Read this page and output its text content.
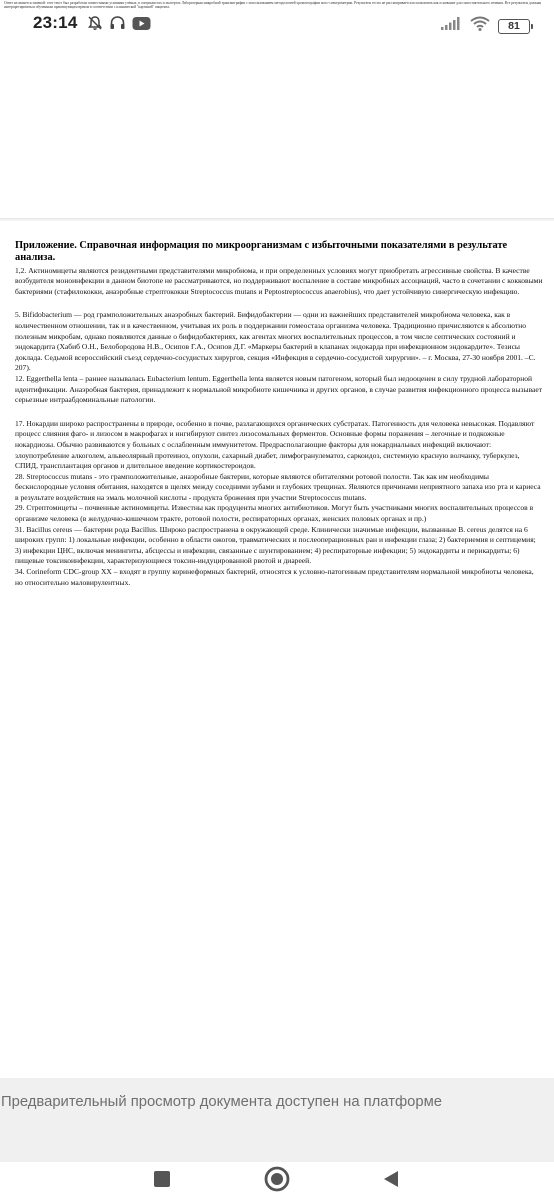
Ответ не является заменой: этот текст был разработан совместными усилиями учёных, в специалистах и экспертах Лабораторная микробной трансмиграфии с использованием методологией хромотографии масс-спектрометрии. Результаты тесты не рассматривается использовать как основание для самостоятельного лечения. Все результаты должны интерпретироваться обученным практикующим врачом в соответствии с клинической "картиной" пациента.
23:14	81
Приложение. Справочная информация по микроорганизмам с избыточными показателями в результате анализа.

1,2. Актиномицеты являются резидентными представителями микробиома, и при определенных условиях могут приобретать агрессивные свойства. В качестве возбудителя моноинфекции в данном биотопе не рассматриваются, но поддерживают воспаление в составе микробных ассоциаций, часто в сочетании с кокковыми бактериями (стафилококки, анаэробные стрептококки Streptococcus mutans и Peptostreptococcus anaerobius), что дает устойчивую синергическую инфекцию.

5. Bifidobacterium — род грамположительных анаэробных бактерий. Бифидобактерии — одни из важнейших представителей микробиома человека, как в количественном отношении, так и в качественном, учитывая их роль в поддержании гомеостаза организма человека. Традиционно причисляются к абсолютно полезным микробам, однако появляются данные о бифидобактериях, как агентах многих воспалительных процессов, в том числе септических состояний и эндокардита (Хабиб О.Н., Белобородова Н.В., Осипов Г.А., Осипов Д.Г. «Маркеры бактерий в клапанах эндокарда при инфекционном эндокардите». Тезисы доклада. Седьмой всероссийский съезд сердечно-сосудистых хирургов, секция «Инфекция в сердечно-сосудистой хирургии». – г. Москва, 27-30 ноября 2001. –С. 207).

12. Eggerthella lenta – раннее называлась Eubacterium lentum. Eggerthella lenta является новым патогеном, который был недооценен в силу трудной лабораторной идентификации. Анаэробная бактерия, принадлежит к нормальной микробиоте кишечника и других органов, в случае развития инфекционного процесса вызывает серьезные интраабдоминальные патологии.

17. Нокардии широко распространены в природе, особенно в почве, разлагающихся органических субстратах. Патогенность для человека невысокая. Подавляют процесс слияния фаго- и лизосом в макрофагах и ингибируют синтез лизосомальных ферментов. Основные формы поражения – легочные и подкожные нокардиозы. Обычно развиваются у больных с ослабленным иммунитетом. Предрасполагающие факторы для нокардиальных инфекций включают: злоупотребление алкоголем, альвеолярный протеиноз, опухоли, сахарный диабет, лимфогранулематоз, саркоидоз, системную красную волчанку, туберкулез, СПИД, трансплантация органов и длительное введение кортикостероидов.

28. Streptococcus mutans - это грамположительные, анаэробные бактерии, которые являются обитателями ротовой полости. Так как им необходимы бескислородные условия обитания, находятся в щелях между соседними зубами и глубоких трещинах. Являются причинами неприятного запаха изо рта и кариеса в результате воздействия на эмаль молочной кислоты - продукта брожения при участии Streptococcus mutans.

29. Стрептомицеты – почвенные актиномицеты. Известны как продуценты многих антибиотиков. Могут быть участниками многих воспалительных процессов в организме человека (в желудочно-кишечном тракте, ротовой полости, респираторных органах, женских половых органах и пр.)

31. Bacillus cereus — бактерии рода Bacillus. Широко распространена в окружающей среде. Клинически значимые инфекции, вызванные B. cereus делятся на 6 широких групп: 1) локальные инфекции, особенно в области ожогов, травматических и послеоперационных ран и инфекции глаза; 2) бактериемия и септицемия; 3) инфекции ЦНС, включая менингиты, абсцессы и инфекции, связанные с шунтированием; 4) респираторные инфекции; 5) эндокардиты и перикардиты; 6) пищевые токсикоинфекции, характеризующиеся токсин-индуцированной рвотой и диареей.

34. Corineform CDC-group XX – входят в группу коринеформных бактерий, относятся к условно-патогенным представителям нормальной микробиоты человека, но относительно маловирулентных.

Предварительный просмотр документа доступен на платформе
